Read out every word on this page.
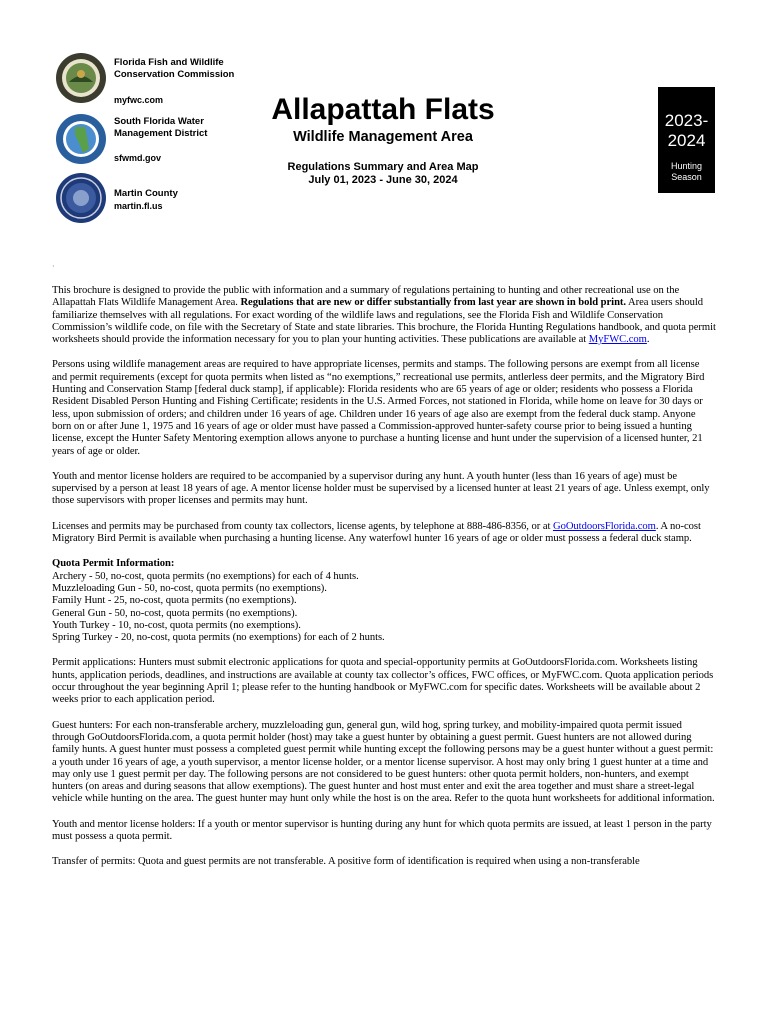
Florida Fish and Wildlife
Conservation Commission
myfwc.com
South Florida Water
Management District
sfwmd.gov
Martin County
martin.fl.us
Allapattah Flats
Wildlife Management Area
Regulations Summary and Area Map
July 01, 2023 - June 30, 2024
2023-
2024
Hunting
Season
·

This brochure is designed to provide the public with information and a summary of regulations pertaining to hunting and other recreational use on the Allapattah Flats Wildlife Management Area. Regulations that are new or differ substantially from last year are shown in bold print. Area users should familiarize themselves with all regulations. For exact wording of the wildlife laws and regulations, see the Florida Fish and Wildlife Conservation Commission’s wildlife code, on file with the Secretary of State and state libraries. This brochure, the Florida Hunting Regulations handbook, and quota permit worksheets should provide the information necessary for you to plan your hunting activities. These publications are available at MyFWC.com.

Persons using wildlife management areas are required to have appropriate licenses, permits and stamps. The following persons are exempt from all license and permit requirements (except for quota permits when listed as “no exemptions,” recreational use permits, antlerless deer permits, and the Migratory Bird Hunting and Conservation Stamp [federal duck stamp], if applicable): Florida residents who are 65 years of age or older; residents who possess a Florida Resident Disabled Person Hunting and Fishing Certificate; residents in the U.S. Armed Forces, not stationed in Florida, while home on leave for 30 days or less, upon submission of orders; and children under 16 years of age. Children under 16 years of age also are exempt from the federal duck stamp. Anyone born on or after June 1, 1975 and 16 years of age or older must have passed a Commission-approved hunter-safety course prior to being issued a hunting license, except the Hunter Safety Mentoring exemption allows anyone to purchase a hunting license and hunt under the supervision of a licensed hunter, 21 years of age or older.

Youth and mentor license holders are required to be accompanied by a supervisor during any hunt. A youth hunter (less than 16 years of age) must be supervised by a person at least 18 years of age. A mentor license holder must be supervised by a licensed hunter at least 21 years of age. Unless exempt, only those supervisors with proper licenses and permits may hunt.

Licenses and permits may be purchased from county tax collectors, license agents, by telephone at 888-486-8356, or at GoOutdoorsFlorida.com. A no-cost Migratory Bird Permit is available when purchasing a hunting license. Any waterfowl hunter 16 years of age or older must possess a federal duck stamp.

Quota Permit Information:
Archery - 50, no-cost, quota permits (no exemptions) for each of 4 hunts.
Muzzleloading Gun - 50, no-cost, quota permits (no exemptions).
Family Hunt - 25, no-cost, quota permits (no exemptions).
General Gun - 50, no-cost, quota permits (no exemptions).
Youth Turkey - 10, no-cost, quota permits (no exemptions).
Spring Turkey - 20, no-cost, quota permits (no exemptions) for each of 2 hunts.

Permit applications: Hunters must submit electronic applications for quota and special-opportunity permits at GoOutdoorsFlorida.com. Worksheets listing hunts, application periods, deadlines, and instructions are available at county tax collector’s offices, FWC offices, or MyFWC.com. Quota application periods occur throughout the year beginning April 1; please refer to the hunting handbook or MyFWC.com for specific dates. Worksheets will be available about 2 weeks prior to each application period.

Guest hunters: For each non-transferable archery, muzzleloading gun, general gun, wild hog, spring turkey, and mobility-impaired quota permit issued through GoOutdoorsFlorida.com, a quota permit holder (host) may take a guest hunter by obtaining a guest permit. Guest hunters are not allowed during family hunts. A guest hunter must possess a completed guest permit while hunting except the following persons may be a guest hunter without a guest permit: a youth under 16 years of age, a youth supervisor, a mentor license holder, or a mentor license supervisor. A host may only bring 1 guest hunter at a time and may only use 1 guest permit per day. The following persons are not considered to be guest hunters: other quota permit holders, non-hunters, and exempt hunters (on areas and during seasons that allow exemptions). The guest hunter and host must enter and exit the area together and must share a street-legal vehicle while hunting on the area. The guest hunter may hunt only while the host is on the area. Refer to the quota hunt worksheets for additional information.

Youth and mentor license holders: If a youth or mentor supervisor is hunting during any hunt for which quota permits are issued, at least 1 person in the party must possess a quota permit.

Transfer of permits: Quota and guest permits are not transferable. A positive form of identification is required when using a non-transferable
